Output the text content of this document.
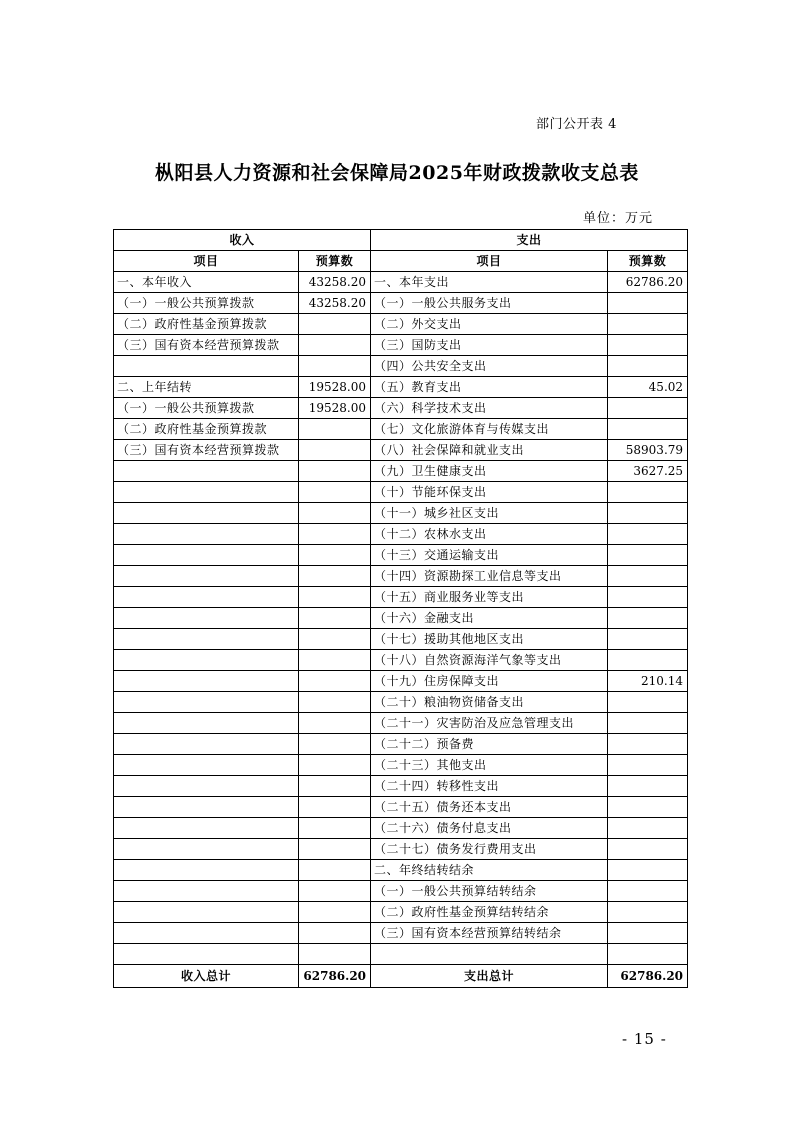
部门公开表 4
枞阳县人力资源和社会保障局2025年财政拨款收支总表
单位：万元
收入		支出	
项目	预算数	项目	预算数
一、本年收入	43258.20	一、本年支出	62786.20
（一）一般公共预算拨款	43258.20	（一）一般公共服务支出	
（二）政府性基金预算拨款		（二）外交支出	
（三）国有资本经营预算拨款		（三）国防支出	
		（四）公共安全支出	
二、上年结转	19528.00	（五）教育支出	45.02
（一）一般公共预算拨款	19528.00	（六）科学技术支出	
（二）政府性基金预算拨款		（七）文化旅游体育与传媒支出	
（三）国有资本经营预算拨款		（八）社会保障和就业支出	58903.79
		（九）卫生健康支出	3627.25
		（十）节能环保支出	
		（十一）城乡社区支出	
		（十二）农林水支出	
		（十三）交通运输支出	
		（十四）资源勘探工业信息等支出	
		（十五）商业服务业等支出	
		（十六）金融支出	
		（十七）援助其他地区支出	
		（十八）自然资源海洋气象等支出	
		（十九）住房保障支出	210.14
		（二十）粮油物资储备支出	
		（二十一）灾害防治及应急管理支出	
		（二十二）预备费	
		（二十三）其他支出	
		（二十四）转移性支出	
		（二十五）债务还本支出	
		（二十六）债务付息支出	
		（二十七）债务发行费用支出	
		二、年终结转结余	
		（一）一般公共预算结转结余	
		（二）政府性基金预算结转结余	
		（三）国有资本经营预算结转结余	

收入总计	62786.20	支出总计	62786.20
- 15 -
